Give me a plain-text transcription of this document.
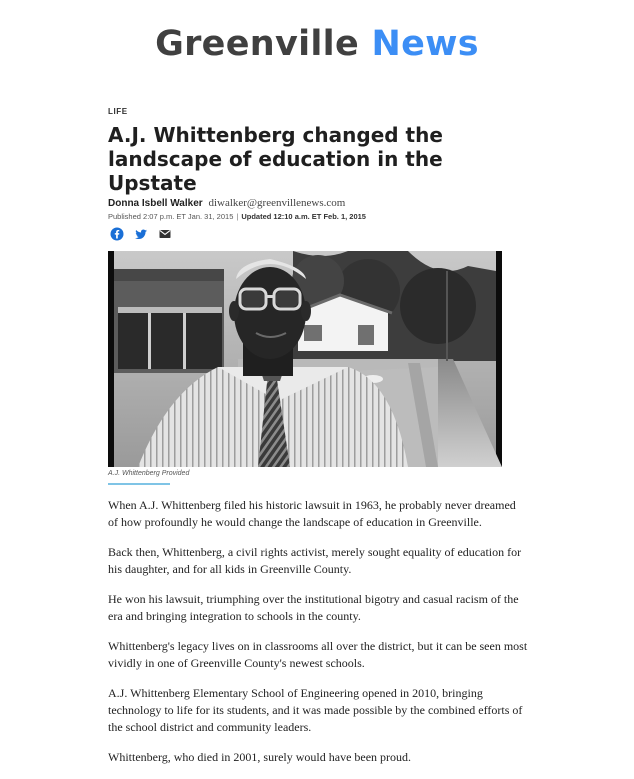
Greenville News
LIFE
A.J. Whittenberg changed the landscape of education in the Upstate
Donna Isbell Walker diwalker@greenvillenews.com
Published 2:07 p.m. ET Jan. 31, 2015 | Updated 12:10 a.m. ET Feb. 1, 2015
A.J. Whittenberg Provided

When A.J. Whittenberg filed his historic lawsuit in 1963, he probably never dreamed of how profoundly he would change the landscape of education in Greenville.

Back then, Whittenberg, a civil rights activist, merely sought equality of education for his daughter, and for all kids in Greenville County.

He won his lawsuit, triumphing over the institutional bigotry and casual racism of the era and bringing integration to schools in the county.

Whittenberg's legacy lives on in classrooms all over the district, but it can be seen most vividly in one of Greenville County's newest schools.

A.J. Whittenberg Elementary School of Engineering opened in 2010, bringing technology to life for its students, and it was made possible by the combined efforts of the school district and community leaders.

Whittenberg, who died in 2001, surely would have been proud.
